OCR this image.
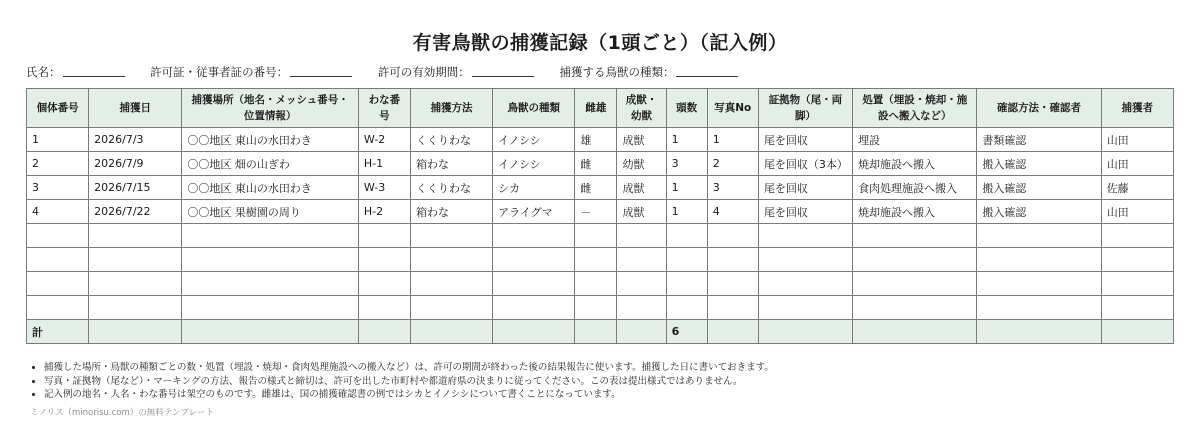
有害鳥獣の捕獲記録（1頭ごと）（記入例）
氏名：	許可証・従事者証の番号：	許可の有効期間：	捕獲する鳥獣の種類：
個体番号	捕獲日	捕獲場所（地名・メッシュ番号・位置情報）	わな番号	捕獲方法	鳥獣の種類	雌雄	成獣・幼獣	頭数	写真No	証拠物（尾・両脚）	処置（埋設・焼却・施設へ搬入など）	確認方法・確認者	捕獲者
1	2026/7/3	〇〇地区 東山の水田わき	W-2	くくりわな	イノシシ	雄	成獣	1	1	尾を回収	埋設	書類確認	山田
2	2026/7/9	〇〇地区 畑の山ぎわ	H-1	箱わな	イノシシ	雌	幼獣	3	2	尾を回収（3本）	焼却施設へ搬入	搬入確認	山田
3	2026/7/15	〇〇地区 東山の水田わき	W-3	くくりわな	シカ	雌	成獣	1	3	尾を回収	食肉処理施設へ搬入	搬入確認	佐藤
4	2026/7/22	〇〇地区 果樹園の周り	H-2	箱わな	アライグマ	－	成獣	1	4	尾を回収	焼却施設へ搬入	搬入確認	山田

計								6					
• 捕獲した場所・鳥獣の種類ごとの数・処置（埋設・焼却・食肉処理施設への搬入など）は、許可の期間が終わった後の結果報告に使います。捕獲した日に書いておきます。
• 写真・証拠物（尾など）・マーキングの方法、報告の様式と締切は、許可を出した市町村や都道府県の決まりに従ってください。この表は提出様式ではありません。
• 記入例の地名・人名・わな番号は架空のものです。雌雄は、国の捕獲確認書の例ではシカとイノシシについて書くことになっています。
ミノリス（minorisu.com）の無料テンプレート
